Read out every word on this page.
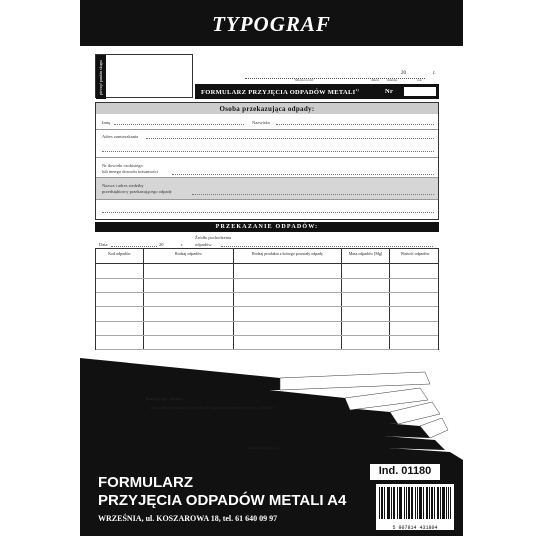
TYPOGRAF
pieczęć punktu skupu	20	r.
Miejscowość	dzień miesiąc	rok
FORMULARZ PRZYJĘCIA ODPADÓW METALI$^{1)}$	Nr
Osoba przekazująca odpady:
Imię	Nazwisko
Adres zamieszkania
Nr dowodu osobistego
lub innego dowodu tożsamości
Nazwa i adres siedziby
przedsiębiorcy przekazującego odpady
PRZEKAZANIE ODPADÓW:
Data	20	r.
Źródło pochodzenia
odpadów
Kod odpadów	Rodzaj odpadów	Rodzaj produktu z którego powstały odpady	Masa odpadów [Mg]	Wartość odpadów
kazującego odpady:
anowi moją własność, nie jest obciążony prawami na rzecz osób trze
podpis przyjmującego
Ind. 01180
FORMULARZ
PRZYJĘCIA ODPADÓW METALI A4
WRZEŚNIA, ul. KOSZAROWA 18, tel. 61 640 09 97
5 907814 431804
